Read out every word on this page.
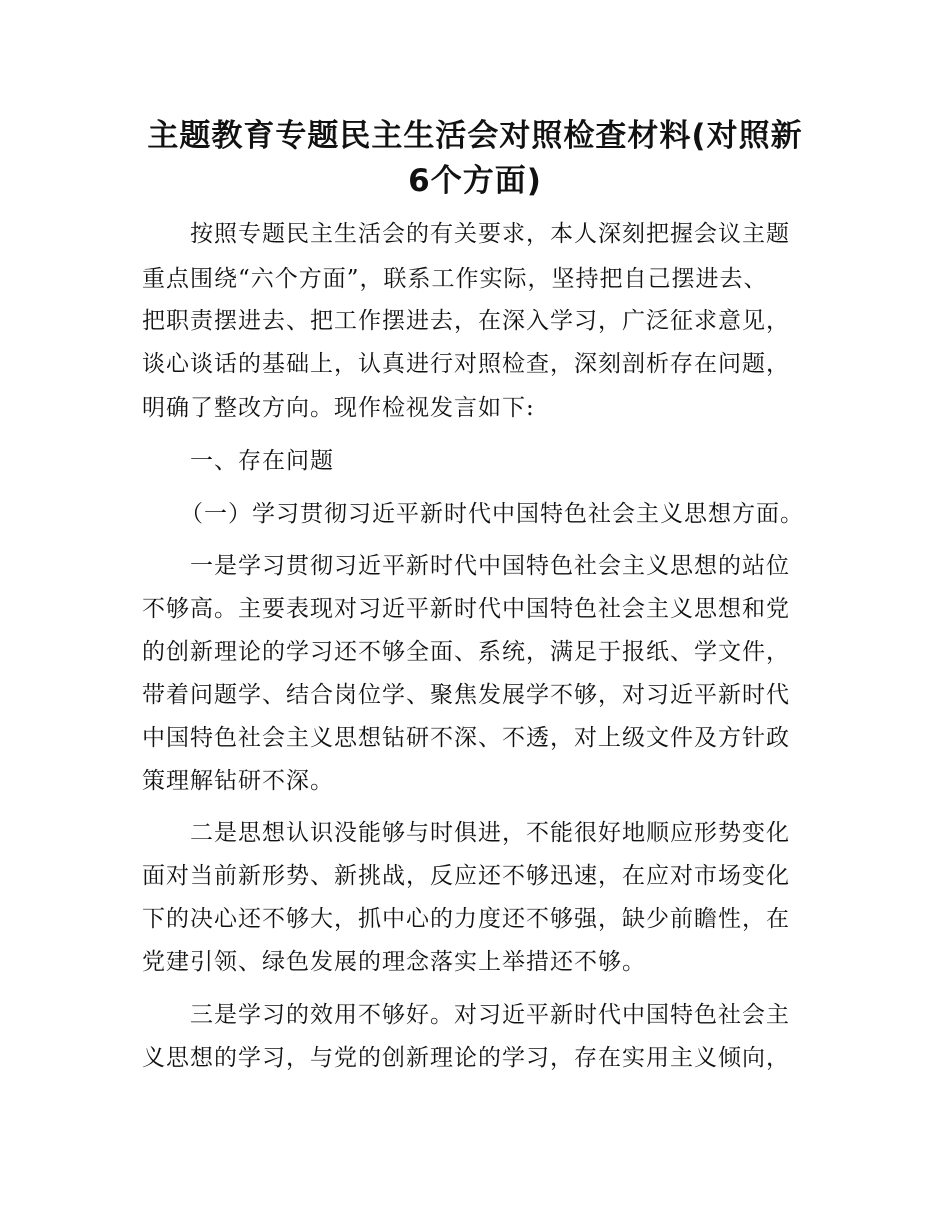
主题教育专题民主生活会对照检查材料(对照新
6个方面)

按照专题民主生活会的有关要求，本人深刻把握会议主题

重点围绕“六个方面”，联系工作实际，坚持把自己摆进去、

把职责摆进去、把工作摆进去，在深入学习，广泛征求意见，

谈心谈话的基础上，认真进行对照检查，深刻剖析存在问题，

明确了整改方向。现作检视发言如下:

一、存在问题

（一）学习贯彻习近平新时代中国特色社会主义思想方面。

一是学习贯彻习近平新时代中国特色社会主义思想的站位

不够高。主要表现对习近平新时代中国特色社会主义思想和党

的创新理论的学习还不够全面、系统，满足于报纸、学文件，

带着问题学、结合岗位学、聚焦发展学不够，对习近平新时代

中国特色社会主义思想钻研不深、不透，对上级文件及方针政

策理解钻研不深。

二是思想认识没能够与时俱进，不能很好地顺应形势变化

面对当前新形势、新挑战，反应还不够迅速，在应对市场变化

下的决心还不够大，抓中心的力度还不够强，缺少前瞻性，在

党建引领、绿色发展的理念落实上举措还不够。

三是学习的效用不够好。对习近平新时代中国特色社会主

义思想的学习，与党的创新理论的学习，存在实用主义倾向，
